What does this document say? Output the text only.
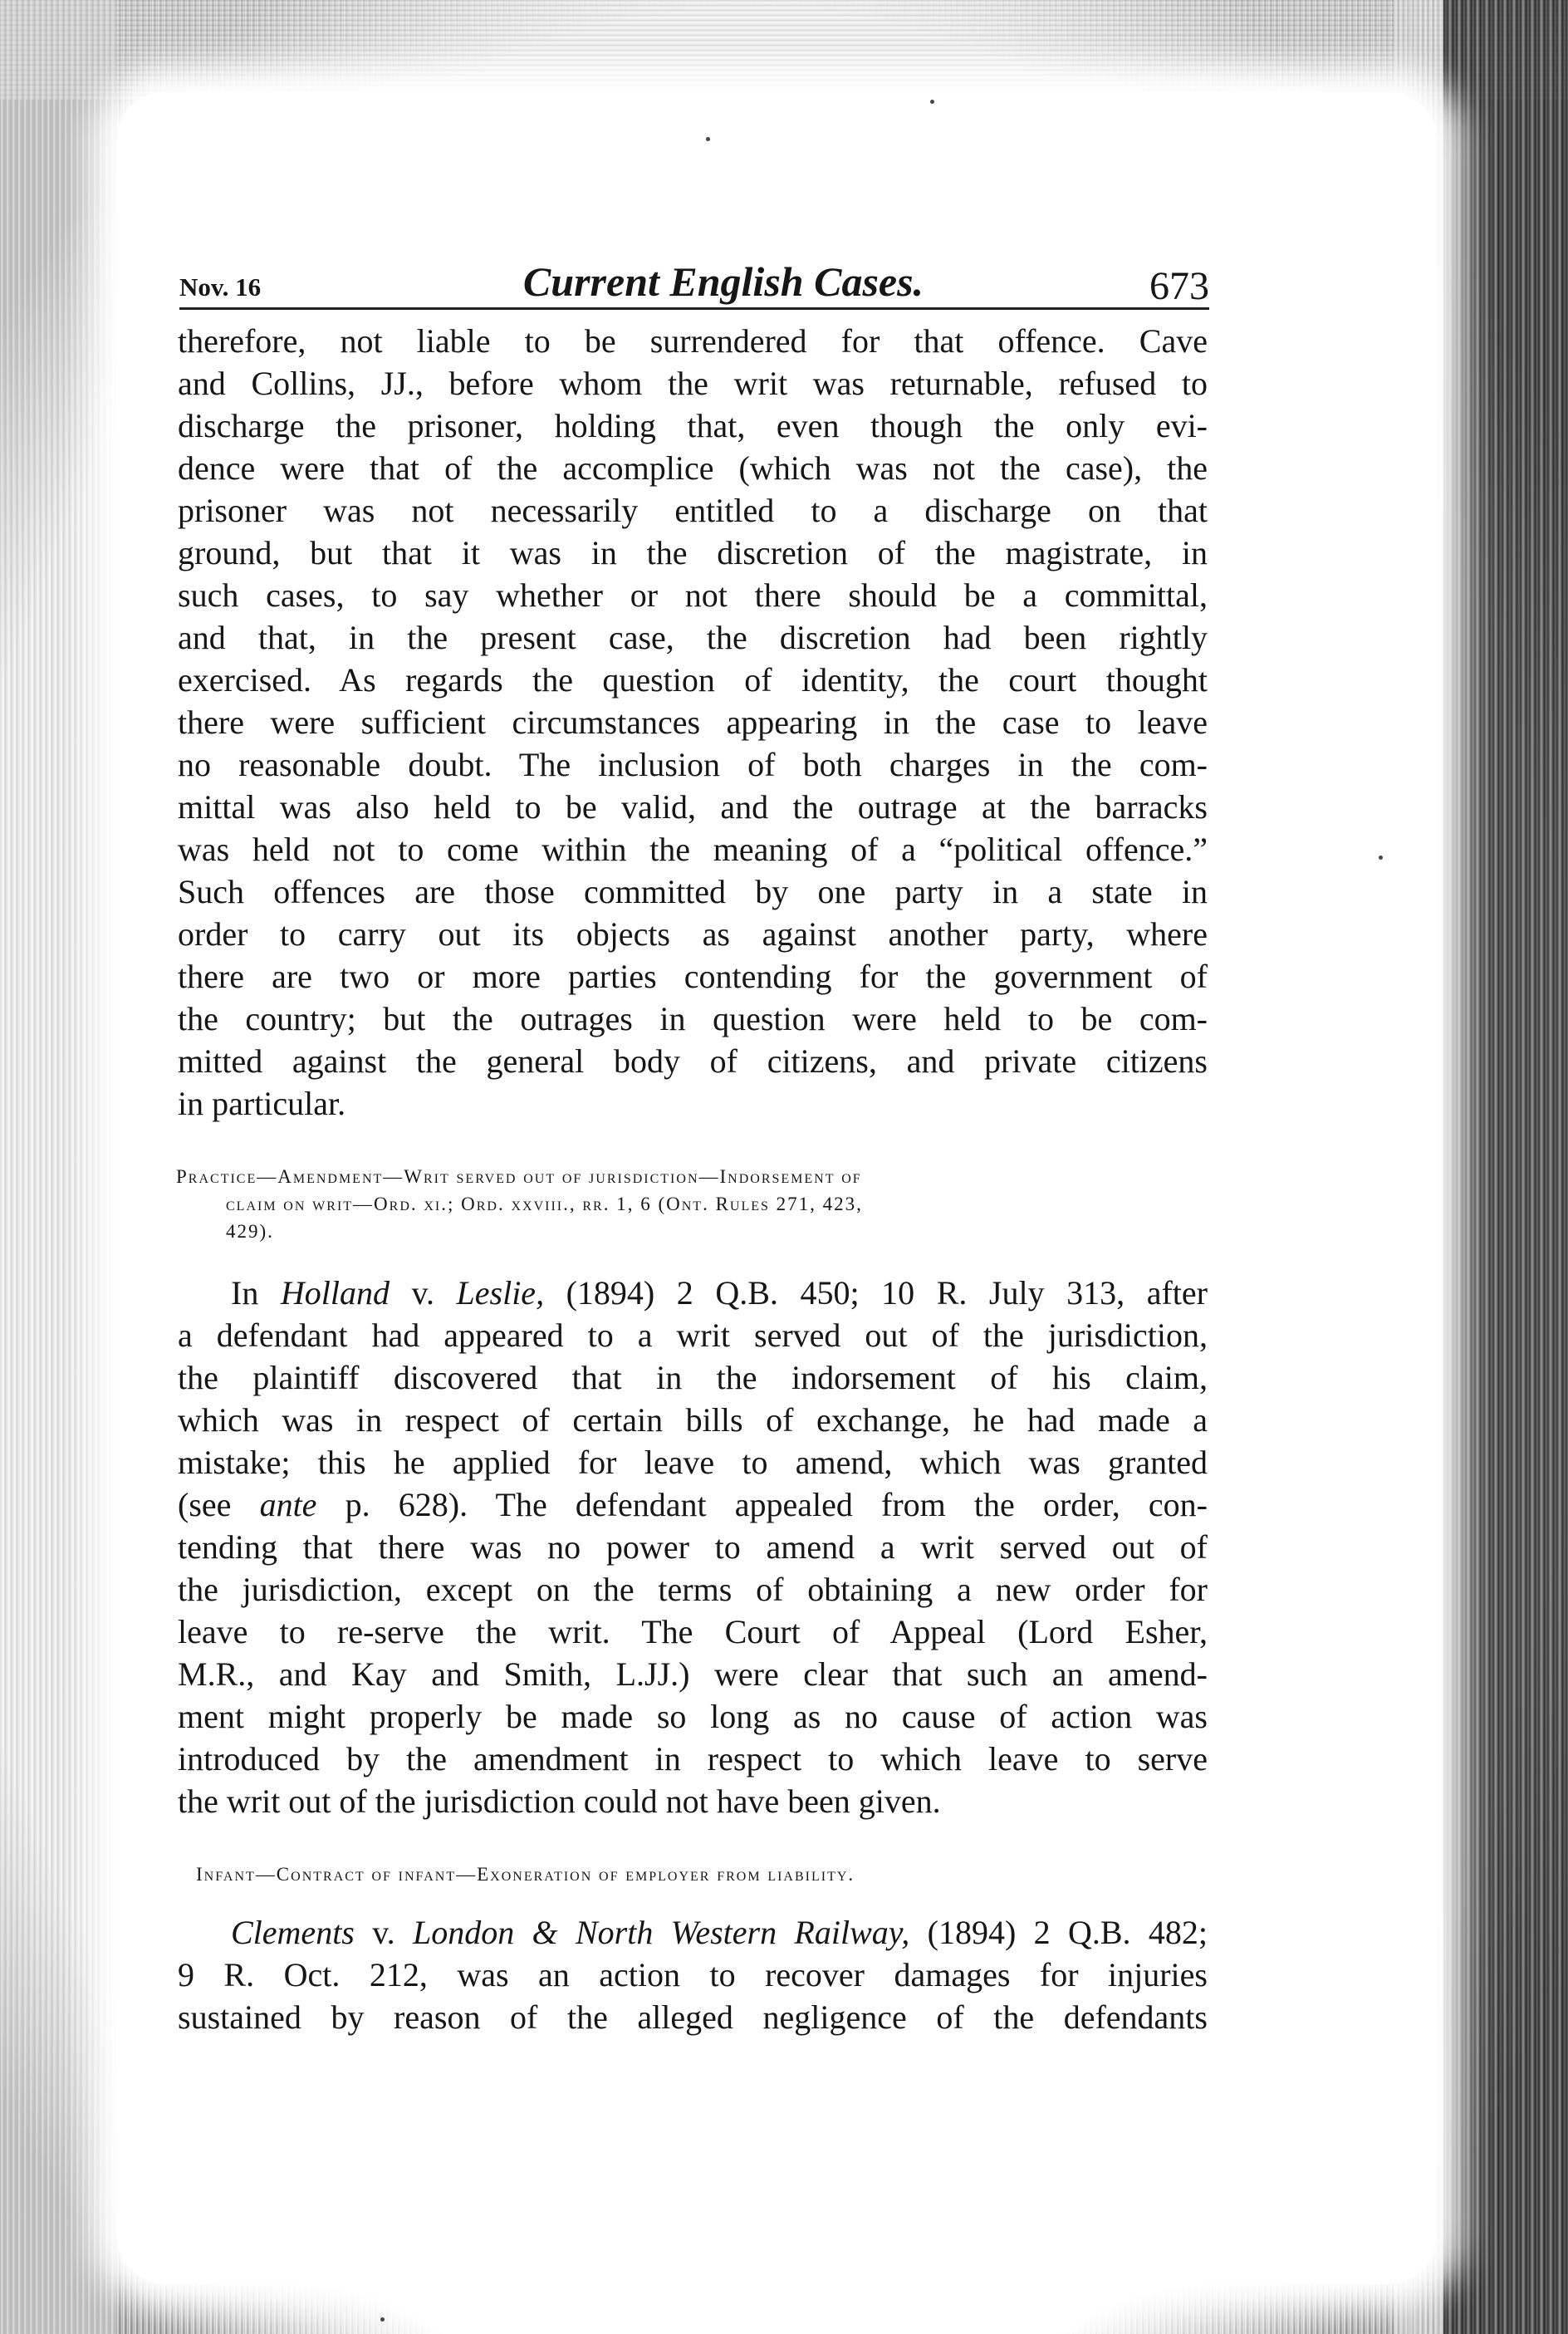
Nov. 16	Current English Cases.	673
therefore, not liable to be surrendered for that offence. Cave
and Collins, JJ., before whom the writ was returnable, refused to
discharge the prisoner, holding that, even though the only evi-
dence were that of the accomplice (which was not the case), the
prisoner was not necessarily entitled to a discharge on that
ground, but that it was in the discretion of the magistrate, in
such cases, to say whether or not there should be a committal,
and that, in the present case, the discretion had been rightly
exercised. As regards the question of identity, the court thought
there were sufficient circumstances appearing in the case to leave
no reasonable doubt. The inclusion of both charges in the com-
mittal was also held to be valid, and the outrage at the barracks
was held not to come within the meaning of a “political offence.”
Such offences are those committed by one party in a state in
order to carry out its objects as against another party, where
there are two or more parties contending for the government of
the country; but the outrages in question were held to be com-
mitted against the general body of citizens, and private citizens
in particular.
Practice—Amendment—Writ served out of jurisdiction—Indorsement of
claim on writ—Ord. xi.; Ord. xxviii., rr. 1, 6 (Ont. Rules 271, 423,
429).
In Holland v. Leslie, (1894) 2 Q.B. 450; 10 R. July 313, after
a defendant had appeared to a writ served out of the jurisdiction,
the plaintiff discovered that in the indorsement of his claim,
which was in respect of certain bills of exchange, he had made a
mistake; this he applied for leave to amend, which was granted
(see ante p. 628). The defendant appealed from the order, con-
tending that there was no power to amend a writ served out of
the jurisdiction, except on the terms of obtaining a new order for
leave to re-serve the writ. The Court of Appeal (Lord Esher,
M.R., and Kay and Smith, L.JJ.) were clear that such an amend-
ment might properly be made so long as no cause of action was
introduced by the amendment in respect to which leave to serve
the writ out of the jurisdiction could not have been given.
Infant—Contract of infant—Exoneration of employer from liability.
Clements v. London & North Western Railway, (1894) 2 Q.B. 482;
9 R. Oct. 212, was an action to recover damages for injuries
sustained by reason of the alleged negligence of the defendants
